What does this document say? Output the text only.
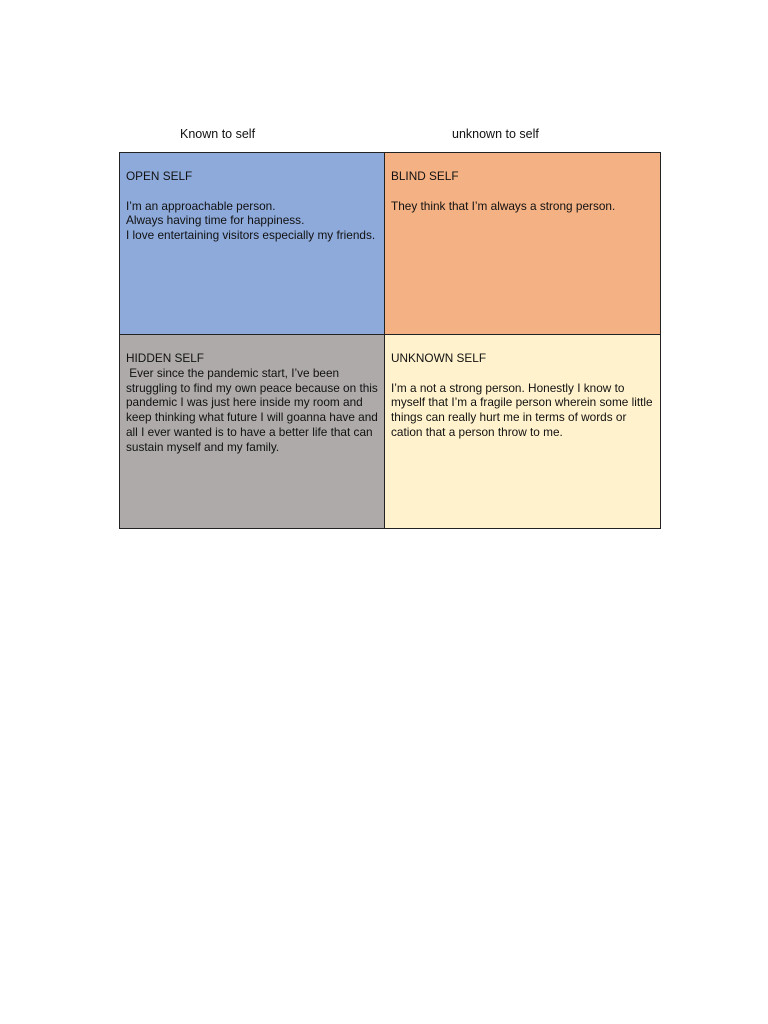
Known to self	unknown to self
OPEN SELF
I’m an approachable person.
Always having time for happiness.
I love entertaining visitors especially my friends.
BLIND SELF
They think that I’m always a strong person.
HIDDEN SELF
Ever since the pandemic start, I’ve been struggling to find my own peace because on this pandemic I was just here inside my room and keep thinking what future I will goanna have and all I ever wanted is to have a better life that can sustain myself and my family.
UNKNOWN SELF
I’m a not a strong person. Honestly I know to myself that I’m a fragile person wherein some little things can really hurt me in terms of words or cation that a person throw to me.
